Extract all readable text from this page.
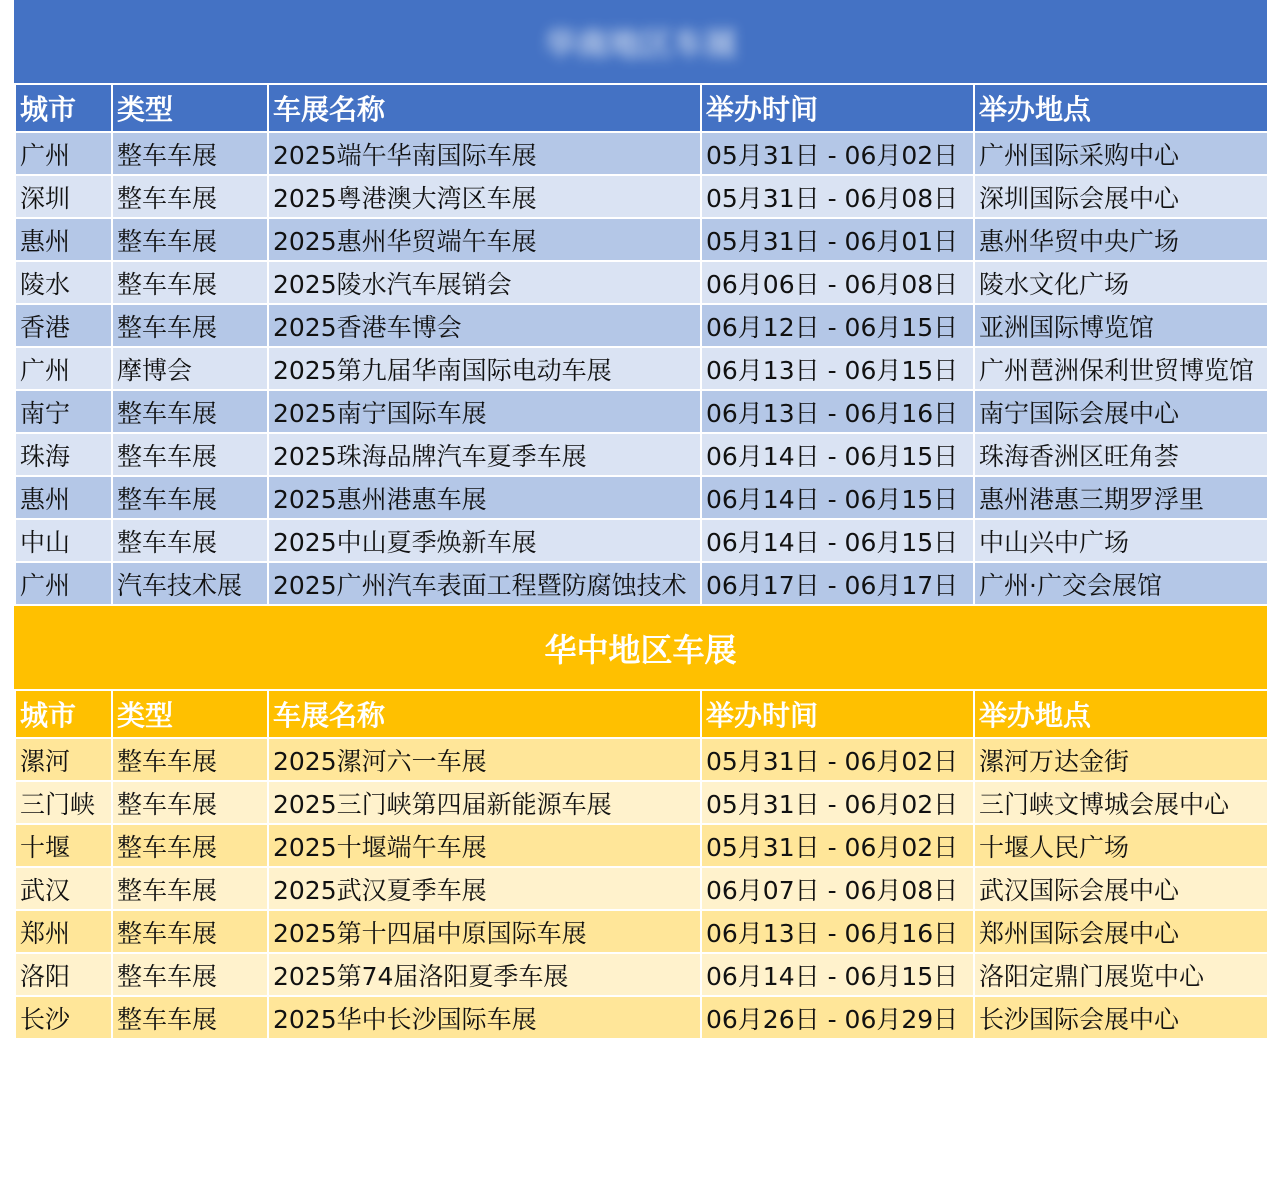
华南地区车展
城市	类型	车展名称	举办时间	举办地点
广州	整车车展	2025端午华南国际车展	05月31日 - 06月02日	广州国际采购中心
深圳	整车车展	2025粤港澳大湾区车展	05月31日 - 06月08日	深圳国际会展中心
惠州	整车车展	2025惠州华贸端午车展	05月31日 - 06月01日	惠州华贸中央广场
陵水	整车车展	2025陵水汽车展销会	06月06日 - 06月08日	陵水文化广场
香港	整车车展	2025香港车博会	06月12日 - 06月15日	亚洲国际博览馆
广州	摩博会	2025第九届华南国际电动车展	06月13日 - 06月15日	广州琶洲保利世贸博览馆
南宁	整车车展	2025南宁国际车展	06月13日 - 06月16日	南宁国际会展中心
珠海	整车车展	2025珠海品牌汽车夏季车展	06月14日 - 06月15日	珠海香洲区旺角荟
惠州	整车车展	2025惠州港惠车展	06月14日 - 06月15日	惠州港惠三期罗浮里
中山	整车车展	2025中山夏季焕新车展	06月14日 - 06月15日	中山兴中广场
广州	汽车技术展	2025广州汽车表面工程暨防腐蚀技术	06月17日 - 06月17日	广州·广交会展馆
华中地区车展
城市	类型	车展名称	举办时间	举办地点
漯河	整车车展	2025漯河六一车展	05月31日 - 06月02日	漯河万达金街
三门峡	整车车展	2025三门峡第四届新能源车展	05月31日 - 06月02日	三门峡文博城会展中心
十堰	整车车展	2025十堰端午车展	05月31日 - 06月02日	十堰人民广场
武汉	整车车展	2025武汉夏季车展	06月07日 - 06月08日	武汉国际会展中心
郑州	整车车展	2025第十四届中原国际车展	06月13日 - 06月16日	郑州国际会展中心
洛阳	整车车展	2025第74届洛阳夏季车展	06月14日 - 06月15日	洛阳定鼎门展览中心
长沙	整车车展	2025华中长沙国际车展	06月26日 - 06月29日	长沙国际会展中心
